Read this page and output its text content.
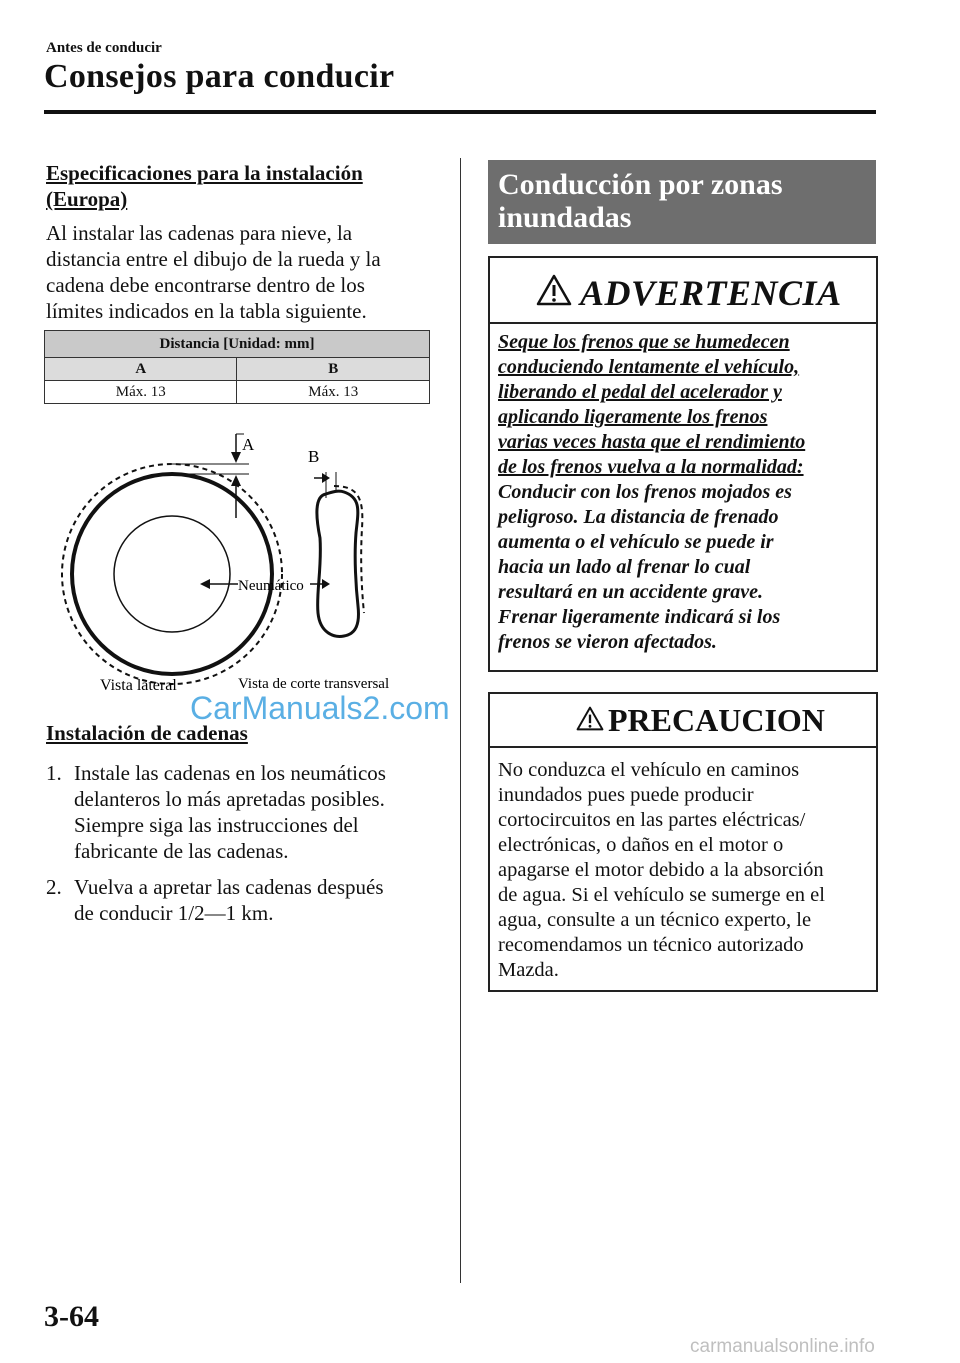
Antes de conducir
Consejos para conducir
Especificaciones para la instalación
(Europa)
Al instalar las cadenas para nieve, la
distancia entre el dibujo de la rueda y la
cadena debe encontrarse dentro de los
límites indicados en la tabla siguiente.
Distancia [Unidad: mm]	
A	B
Máx. 13	Máx. 13
A
B
Neumático
Vista lateral	Vista de corte transversal
Instalación de cadenas
1. Instale las cadenas en los neumáticos
delanteros lo más apretadas posibles.
Siempre siga las instrucciones del
fabricante de las cadenas.
2. Vuelva a apretar las cadenas después
de conducir 1/2―1 km.
Conducción por zonas
inundadas
ADVERTENCIA
Seque los frenos que se humedecen
conduciendo lentamente el vehículo,
liberando el pedal del acelerador y
aplicando ligeramente los frenos
varias veces hasta que el rendimiento
de los frenos vuelva a la normalidad:
Conducir con los frenos mojados es
peligroso. La distancia de frenado
aumenta o el vehículo se puede ir
hacia un lado al frenar lo cual
resultará en un accidente grave.
Frenar ligeramente indicará si los
frenos se vieron afectados.
PRECAUCION
No conduzca el vehículo en caminos
inundados pues puede producir
cortocircuitos en las partes eléctricas/
electrónicas, o daños en el motor o
apagarse el motor debido a la absorción
de agua. Si el vehículo se sumerge en el
agua, consulte a un técnico experto, le
recomendamos un técnico autorizado
Mazda.
CarManuals2.com
3-64
carmanualsonline.info
